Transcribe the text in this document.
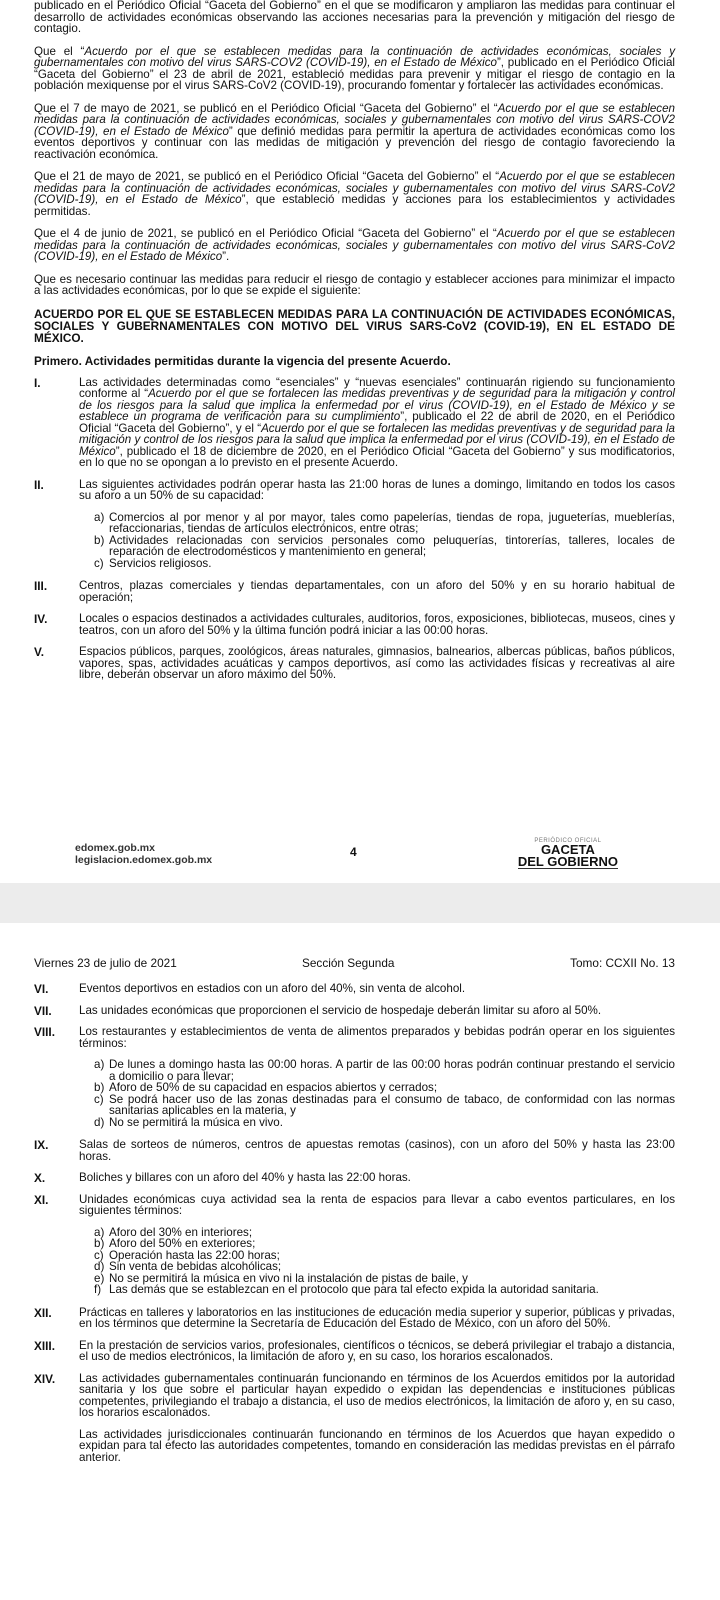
publicado en el Periódico Oficial “Gaceta del Gobierno” en el que se modificaron y ampliaron las medidas para continuar el desarrollo de actividades económicas observando las acciones necesarias para la prevención y mitigación del riesgo de contagio.

Que el “Acuerdo por el que se establecen medidas para la continuación de actividades económicas, sociales y gubernamentales con motivo del virus SARS-COV2 (COVID-19), en el Estado de México”, publicado en el Periódico Oficial “Gaceta del Gobierno” el 23 de abril de 2021, estableció medidas para prevenir y mitigar el riesgo de contagio en la población mexiquense por el virus SARS-CoV2 (COVID-19), procurando fomentar y fortalecer las actividades económicas.

Que el 7 de mayo de 2021, se publicó en el Periódico Oficial “Gaceta del Gobierno” el “Acuerdo por el que se establecen medidas para la continuación de actividades económicas, sociales y gubernamentales con motivo del virus SARS-COV2 (COVID-19), en el Estado de México” que definió medidas para permitir la apertura de actividades económicas como los eventos deportivos y continuar con las medidas de mitigación y prevención del riesgo de contagio favoreciendo la reactivación económica.

Que el 21 de mayo de 2021, se publicó en el Periódico Oficial “Gaceta del Gobierno” el “Acuerdo por el que se establecen medidas para la continuación de actividades económicas, sociales y gubernamentales con motivo del virus SARS-CoV2 (COVID-19), en el Estado de México”, que estableció medidas y acciones para los establecimientos y actividades permitidas.

Que el 4 de junio de 2021, se publicó en el Periódico Oficial “Gaceta del Gobierno” el “Acuerdo por el que se establecen medidas para la continuación de actividades económicas, sociales y gubernamentales con motivo del virus SARS-CoV2 (COVID-19), en el Estado de México”.

Que es necesario continuar las medidas para reducir el riesgo de contagio y establecer acciones para minimizar el impacto a las actividades económicas, por lo que se expide el siguiente:

ACUERDO POR EL QUE SE ESTABLECEN MEDIDAS PARA LA CONTINUACIÓN DE ACTIVIDADES ECONÓMICAS, SOCIALES Y GUBERNAMENTALES CON MOTIVO DEL VIRUS SARS-CoV2 (COVID-19), EN EL ESTADO DE MÉXICO.
Primero. Actividades permitidas durante la vigencia del presente Acuerdo.
I.	Las actividades determinadas como “esenciales” y “nuevas esenciales” continuarán rigiendo su funcionamiento conforme al “Acuerdo por el que se fortalecen las medidas preventivas y de seguridad para la mitigación y control de los riesgos para la salud que implica la enfermedad por el virus (COVID-19), en el Estado de México y se establece un programa de verificación para su cumplimiento”, publicado el 22 de abril de 2020, en el Periódico Oficial “Gaceta del Gobierno”, y el “Acuerdo por el que se fortalecen las medidas preventivas y de seguridad para la mitigación y control de los riesgos para la salud que implica la enfermedad por el virus (COVID-19), en el Estado de México”, publicado el 18 de diciembre de 2020, en el Periódico Oficial “Gaceta del Gobierno” y sus modificatorios, en lo que no se opongan a lo previsto en el presente Acuerdo.

II.	Las siguientes actividades podrán operar hasta las 21:00 horas de lunes a domingo, limitando en todos los casos su aforo a un 50% de su capacidad:

a) Comercios al por menor y al por mayor, tales como papelerías, tiendas de ropa, jugueterías, mueblerías, refaccionarias, tiendas de artículos electrónicos, entre otras;

b) Actividades relacionadas con servicios personales como peluquerías, tintorerías, talleres, locales de reparación de electrodomésticos y mantenimiento en general;

c) Servicios religiosos.

III.	Centros, plazas comerciales y tiendas departamentales, con un aforo del 50% y en su horario habitual de operación;

IV.	Locales o espacios destinados a actividades culturales, auditorios, foros, exposiciones, bibliotecas, museos, cines y teatros, con un aforo del 50% y la última función podrá iniciar a las 00:00 horas.

V.	Espacios públicos, parques, zoológicos, áreas naturales, gimnasios, balnearios, albercas públicas, baños públicos, vapores, spas, actividades acuáticas y campos deportivos, así como las actividades físicas y recreativas al aire libre, deberán observar un aforo máximo del 50%.

edomex.gob.mx
legislacion.edomex.gob.mx
4
PERIÓDICO OFICIAL
GACETA
DEL GOBIERNO
Viernes 23 de julio de 2021	Sección Segunda	Tomo: CCXII No. 13
VI.	Eventos deportivos en estadios con un aforo del 40%, sin venta de alcohol.

VII. Las unidades económicas que proporcionen el servicio de hospedaje deberán limitar su aforo al 50%.

VIII. Los restaurantes y establecimientos de venta de alimentos preparados y bebidas podrán operar en los siguientes términos:

a) De lunes a domingo hasta las 00:00 horas. A partir de las 00:00 horas podrán continuar prestando el servicio a domicilio o para llevar;

b) Aforo de 50% de su capacidad en espacios abiertos y cerrados;

c) Se podrá hacer uso de las zonas destinadas para el consumo de tabaco, de conformidad con las normas sanitarias aplicables en la materia, y

d) No se permitirá la música en vivo.

IX.	Salas de sorteos de números, centros de apuestas remotas (casinos), con un aforo del 50% y hasta las 23:00 horas.

X.	Boliches y billares con un aforo del 40% y hasta las 22:00 horas.

XI.	Unidades económicas cuya actividad sea la renta de espacios para llevar a cabo eventos particulares, en los siguientes términos:

a) Aforo del 30% en interiores;

b) Aforo del 50% en exteriores;

c) Operación hasta las 22:00 horas;

d) Sin venta de bebidas alcohólicas;

e) No se permitirá la música en vivo ni la instalación de pistas de baile, y

f) Las demás que se establezcan en el protocolo que para tal efecto expida la autoridad sanitaria.

XII. Prácticas en talleres y laboratorios en las instituciones de educación media superior y superior, públicas y privadas, en los términos que determine la Secretaría de Educación del Estado de México, con un aforo del 50%.

XIII. En la prestación de servicios varios, profesionales, científicos o técnicos, se deberá privilegiar el trabajo a distancia, el uso de medios electrónicos, la limitación de aforo y, en su caso, los horarios escalonados.

XIV. Las actividades gubernamentales continuarán funcionando en términos de los Acuerdos emitidos por la autoridad sanitaria y los que sobre el particular hayan expedido o expidan las dependencias e instituciones públicas competentes, privilegiando el trabajo a distancia, el uso de medios electrónicos, la limitación de aforo y, en su caso, los horarios escalonados.

Las actividades jurisdiccionales continuarán funcionando en términos de los Acuerdos que hayan expedido o expidan para tal efecto las autoridades competentes, tomando en consideración las medidas previstas en el párrafo anterior.
